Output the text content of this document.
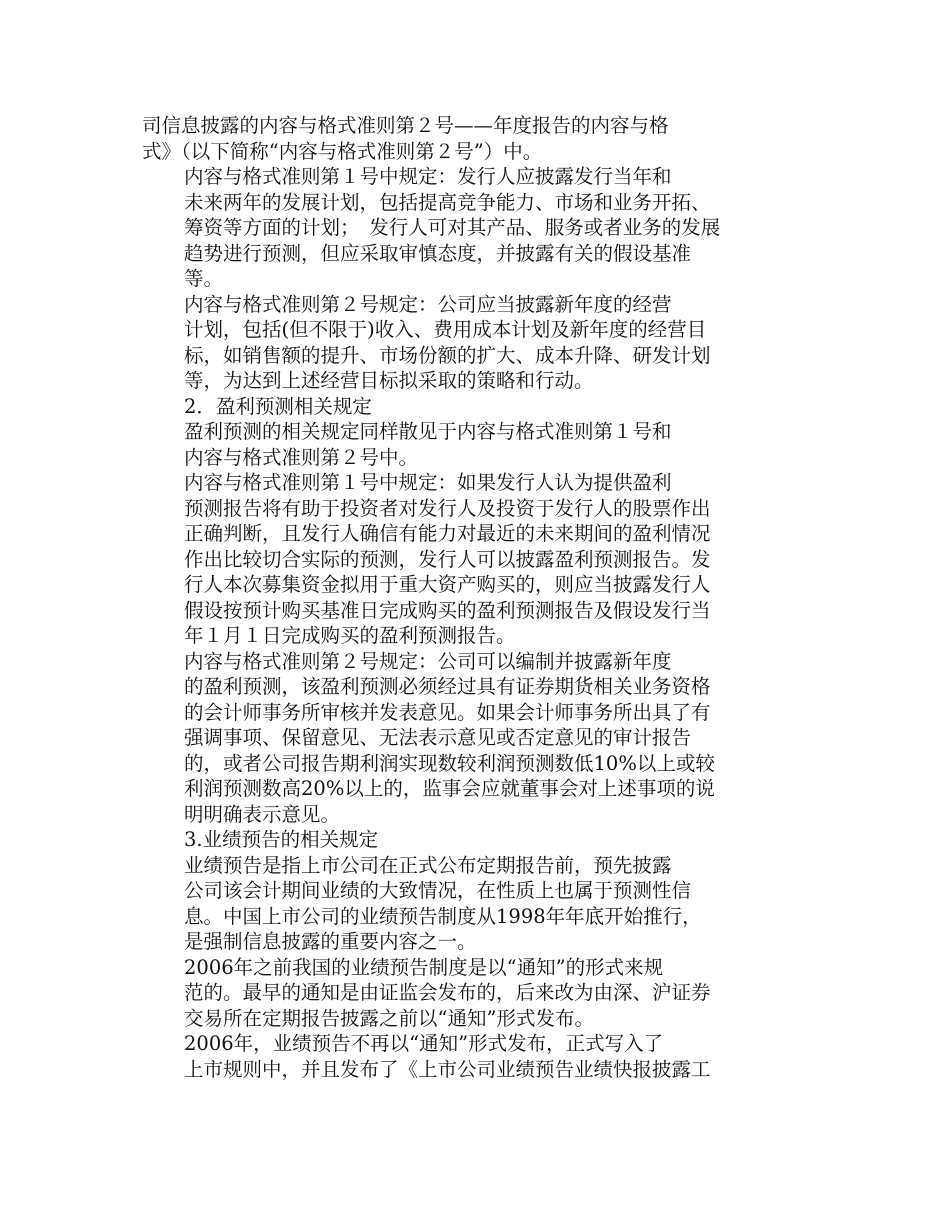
司信息披露的内容与格式准则第２号——年度报告的内容与格
式》（以下简称“内容与格式准则第２号”）中。

内容与格式准则第１号中规定：发行人应披露发行当年和
未来两年的发展计划，包括提高竞争能力、市场和业务开拓、
筹资等方面的计划；　发行人可对其产品、服务或者业务的发展
趋势进行预测，但应采取审慎态度，并披露有关的假设基准
等。

内容与格式准则第２号规定：公司应当披露新年度的经营
计划，包括(但不限于)收入、费用成本计划及新年度的经营目
标，如销售额的提升、市场份额的扩大、成本升降、研发计划
等，为达到上述经营目标拟采取的策略和行动。

2．盈利预测相关规定

盈利预测的相关规定同样散见于内容与格式准则第１号和
内容与格式准则第２号中。

内容与格式准则第１号中规定：如果发行人认为提供盈利
预测报告将有助于投资者对发行人及投资于发行人的股票作出
正确判断，且发行人确信有能力对最近的未来期间的盈利情况
作出比较切合实际的预测，发行人可以披露盈利预测报告。发
行人本次募集资金拟用于重大资产购买的，则应当披露发行人
假设按预计购买基准日完成购买的盈利预测报告及假设发行当
年１月１日完成购买的盈利预测报告。

内容与格式准则第２号规定：公司可以编制并披露新年度
的盈利预测，该盈利预测必须经过具有证券期货相关业务资格
的会计师事务所审核并发表意见。如果会计师事务所出具了有
强调事项、保留意见、无法表示意见或否定意见的审计报告
的，或者公司报告期利润实现数较利润预测数低10%以上或较
利润预测数高20%以上的，监事会应就董事会对上述事项的说
明明确表示意见。

3.业绩预告的相关规定

业绩预告是指上市公司在正式公布定期报告前，预先披露
公司该会计期间业绩的大致情况，在性质上也属于预测性信
息。中国上市公司的业绩预告制度从1998年年底开始推行，
是强制信息披露的重要内容之一。

2006年之前我国的业绩预告制度是以“通知”的形式来规
范的。最早的通知是由证监会发布的，后来改为由深、沪证券
交易所在定期报告披露之前以“通知”形式发布。

2006年，业绩预告不再以“通知”形式发布，正式写入了
上市规则中，并且发布了《上市公司业绩预告业绩快报披露工
